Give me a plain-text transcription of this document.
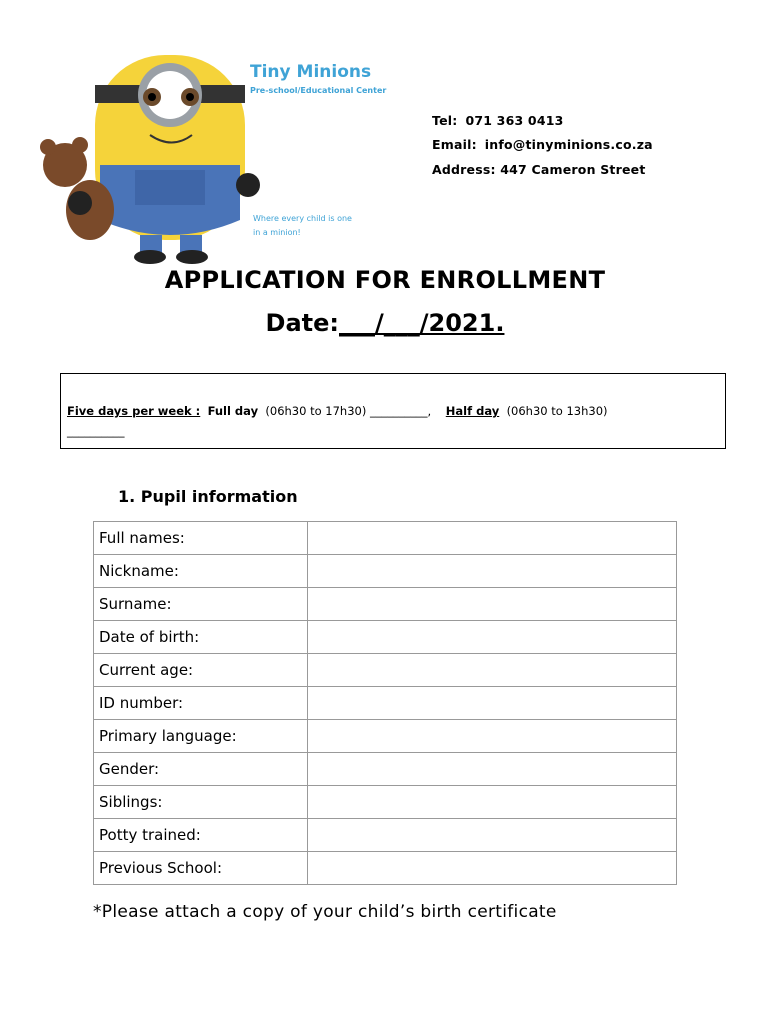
Tiny Minions
Pre-school/Educational Center
Where every child is one
in a minion!
Tel: 071 363 0413
Email: info@tinyminions.co.za
Address: 447 Cameron Street
APPLICATION FOR ENROLLMENT
Date:___/___/2021.
Five days per week : Full day (06h30 to 17h30) __________, Half day (06h30 to 13h30)
__________
1. Pupil information
Full names:	
Nickname:	
Surname:	
Date of birth:	
Current age:	
ID number:	
Primary language:	
Gender:	
Siblings:	
Potty trained:	
Previous School:	
*Please attach a copy of your child’s birth certificate
